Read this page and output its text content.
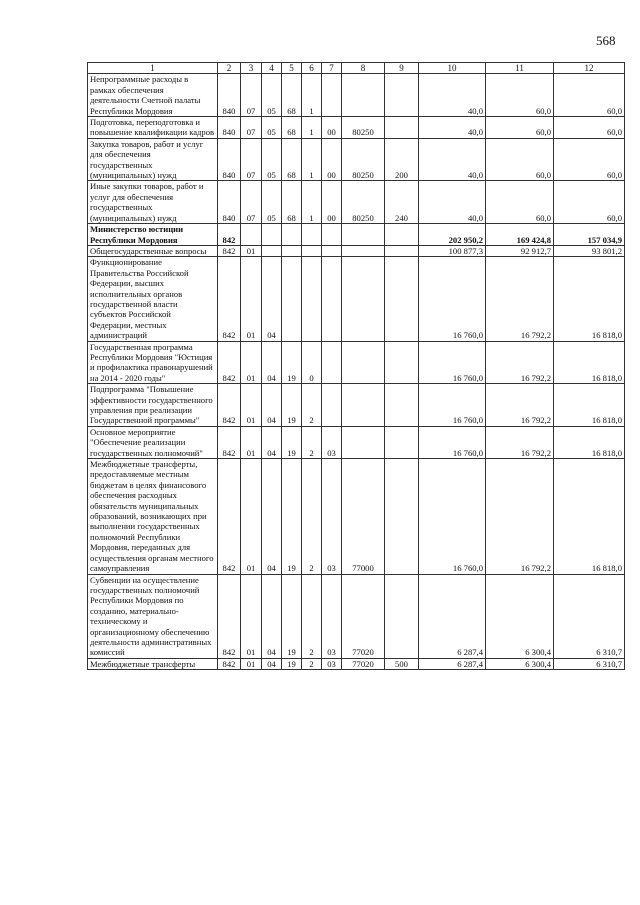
568
1	2	3	4	5	6	7	8	9	10	11	12
Непрограммные расходы в рамках обеспечения деятельности Счетной палаты Республики Мордовия	840	07	05	68	1				40,0	60,0	60,0
Подготовка, переподготовка и повышение квалификации кадров	840	07	05	68	1	00	80250		40,0	60,0	60,0
Закупка товаров, работ и услуг для обеспечения государственных (муниципальных) нужд	840	07	05	68	1	00	80250	200	40,0	60,0	60,0
Иные закупки товаров, работ и услуг для обеспечения государственных (муниципальных) нужд	840	07	05	68	1	00	80250	240	40,0	60,0	60,0
Министерство юстиции Республики Мордовия	842								202 950,2	169 424,8	157 034,9
Общегосударственные вопросы	842	01							100 877,3	92 912,7	93 801,2
Функционирование Правительства Российской Федерации, высших исполнительных органов государственной власти субъектов Российской Федерации, местных администраций	842	01	04						16 760,0	16 792,2	16 818,0
Государственная программа Республики Мордовия "Юстиция и профилактика правонарушений на 2014 - 2020 годы"	842	01	04	19	0				16 760,0	16 792,2	16 818,0
Подпрограмма "Повышение эффективности государственного управления при реализации Государственной программы"	842	01	04	19	2				16 760,0	16 792,2	16 818,0
Основное мероприятие "Обеспечение реализации государственных полномочий"	842	01	04	19	2	03			16 760,0	16 792,2	16 818,0
Межбюджетные трансферты, предоставляемые местным бюджетам в целях финансового обеспечения расходных обязательств муниципальных образований, возникающих при выполнении государственных полномочий Республики Мордовия, переданных для осуществления органам местного самоуправления	842	01	04	19	2	03	77000		16 760,0	16 792,2	16 818,0
Субвенции на осуществление государственных полномочий Республики Мордовия по созданию, материально-техническому и организационному обеспечению деятельности административных комиссий	842	01	04	19	2	03	77020		6 287,4	6 300,4	6 310,7
Межбюджетные трансферты	842	01	04	19	2	03	77020	500	6 287,4	6 300,4	6 310,7
